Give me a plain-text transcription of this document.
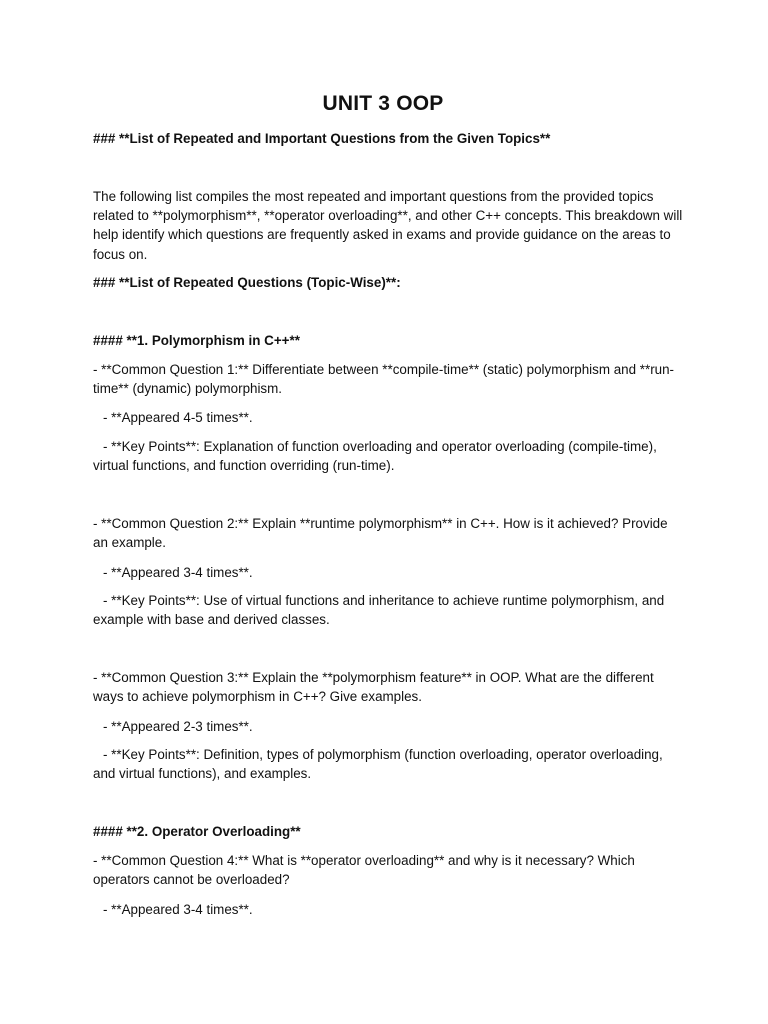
UNIT 3 OOP
### **List of Repeated and Important Questions from the Given Topics**
The following list compiles the most repeated and important questions from the provided topics related to **polymorphism**, **operator overloading**, and other C++ concepts. This breakdown will help identify which questions are frequently asked in exams and provide guidance on the areas to focus on.
### **List of Repeated Questions (Topic-Wise)**:
#### **1. Polymorphism in C++**
- **Common Question 1:** Differentiate between **compile-time** (static) polymorphism and **run-time** (dynamic) polymorphism.
- **Appeared 4-5 times**.
- **Key Points**: Explanation of function overloading and operator overloading (compile-time), virtual functions, and function overriding (run-time).
- **Common Question 2:** Explain **runtime polymorphism** in C++. How is it achieved? Provide an example.
- **Appeared 3-4 times**.
- **Key Points**: Use of virtual functions and inheritance to achieve runtime polymorphism, and example with base and derived classes.
- **Common Question 3:** Explain the **polymorphism feature** in OOP. What are the different ways to achieve polymorphism in C++? Give examples.
- **Appeared 2-3 times**.
- **Key Points**: Definition, types of polymorphism (function overloading, operator overloading, and virtual functions), and examples.
#### **2. Operator Overloading**
- **Common Question 4:** What is **operator overloading** and why is it necessary? Which operators cannot be overloaded?
- **Appeared 3-4 times**.
